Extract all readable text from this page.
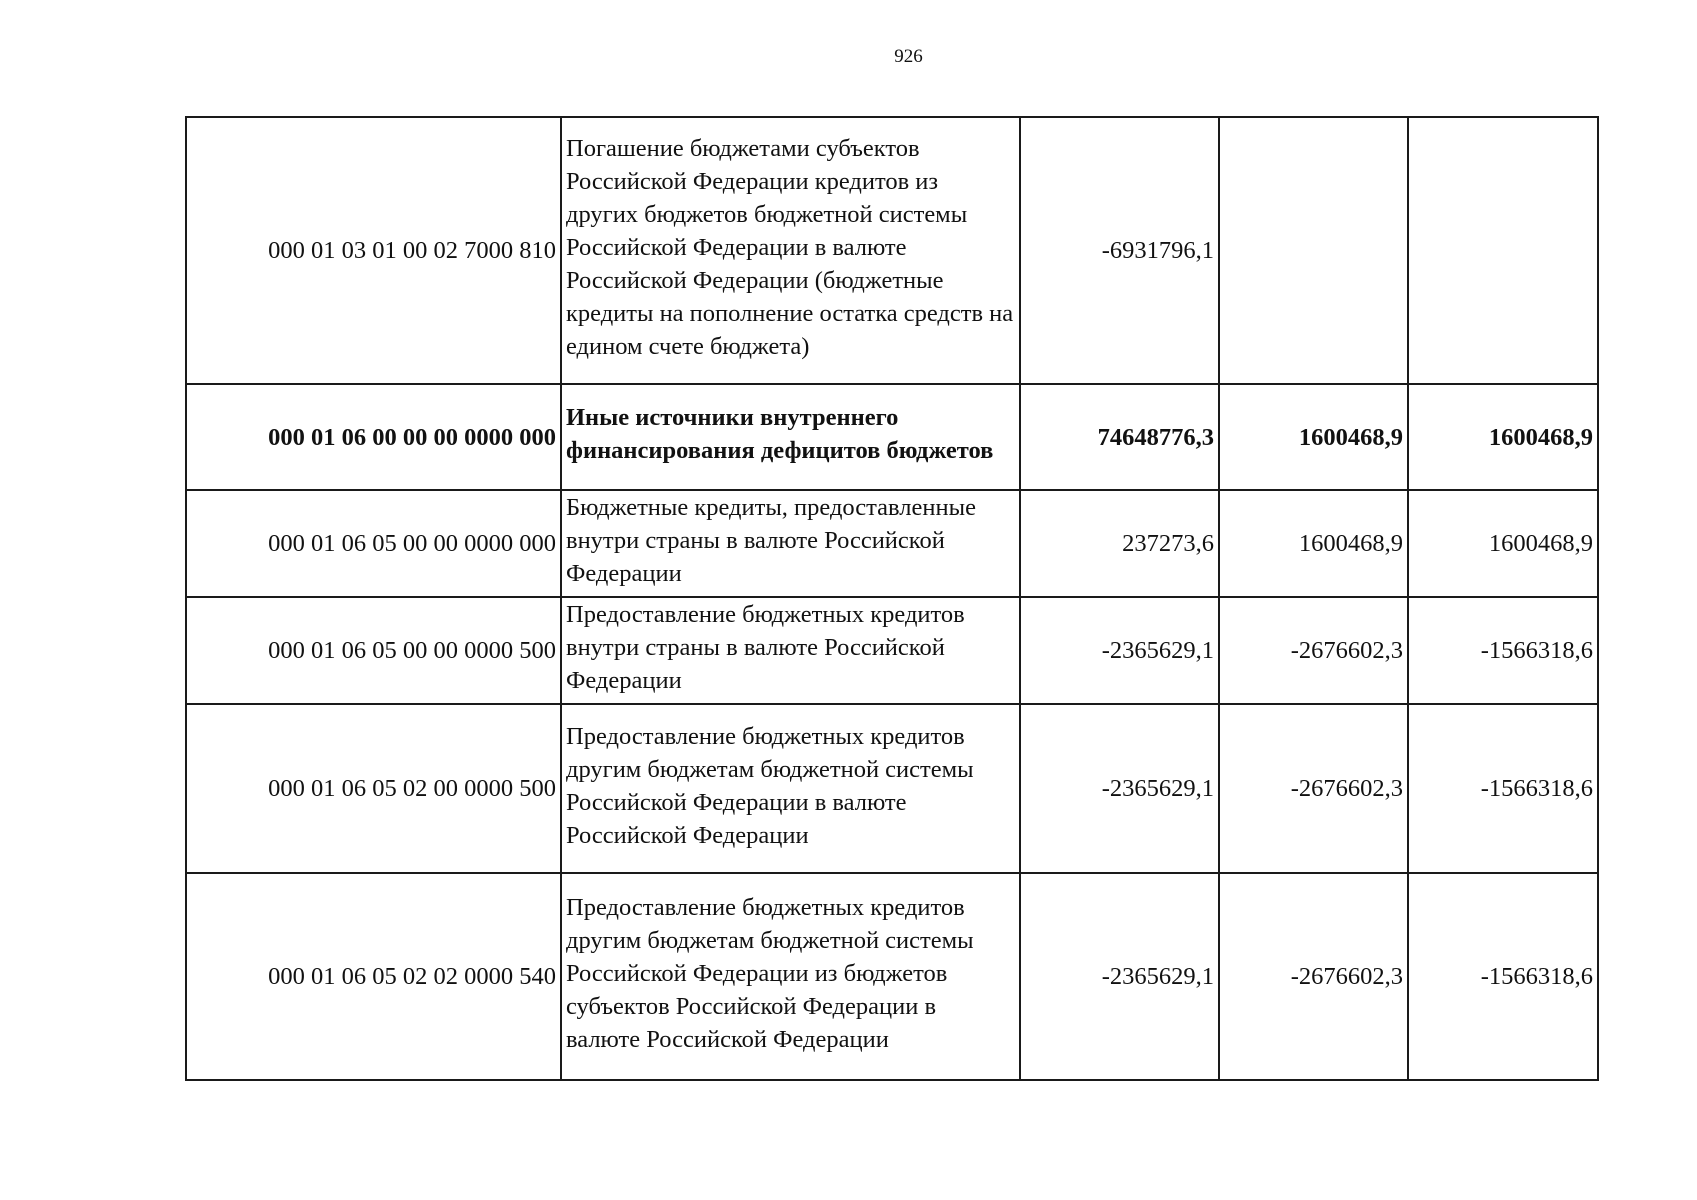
926
000 01 03 01 00 02 7000 810	Погашение бюджетами субъектов Российской Федерации кредитов из других бюджетов бюджетной системы Российской Федерации в валюте Российской Федерации (бюджетные кредиты на пополнение остатка средств на едином счете бюджета)	-6931796,1		
000 01 06 00 00 00 0000 000	Иные источники внутреннего финансирования дефицитов бюджетов	74648776,3	1600468,9	1600468,9
000 01 06 05 00 00 0000 000	Бюджетные кредиты, предоставленные внутри страны в валюте Российской Федерации	237273,6	1600468,9	1600468,9
000 01 06 05 00 00 0000 500	Предоставление бюджетных кредитов внутри страны в валюте Российской Федерации	-2365629,1	-2676602,3	-1566318,6
000 01 06 05 02 00 0000 500	Предоставление бюджетных кредитов другим бюджетам бюджетной системы Российской Федерации в валюте Российской Федерации	-2365629,1	-2676602,3	-1566318,6
000 01 06 05 02 02 0000 540	Предоставление бюджетных кредитов другим бюджетам бюджетной системы Российской Федерации из бюджетов субъектов Российской Федерации в валюте Российской Федерации	-2365629,1	-2676602,3	-1566318,6
